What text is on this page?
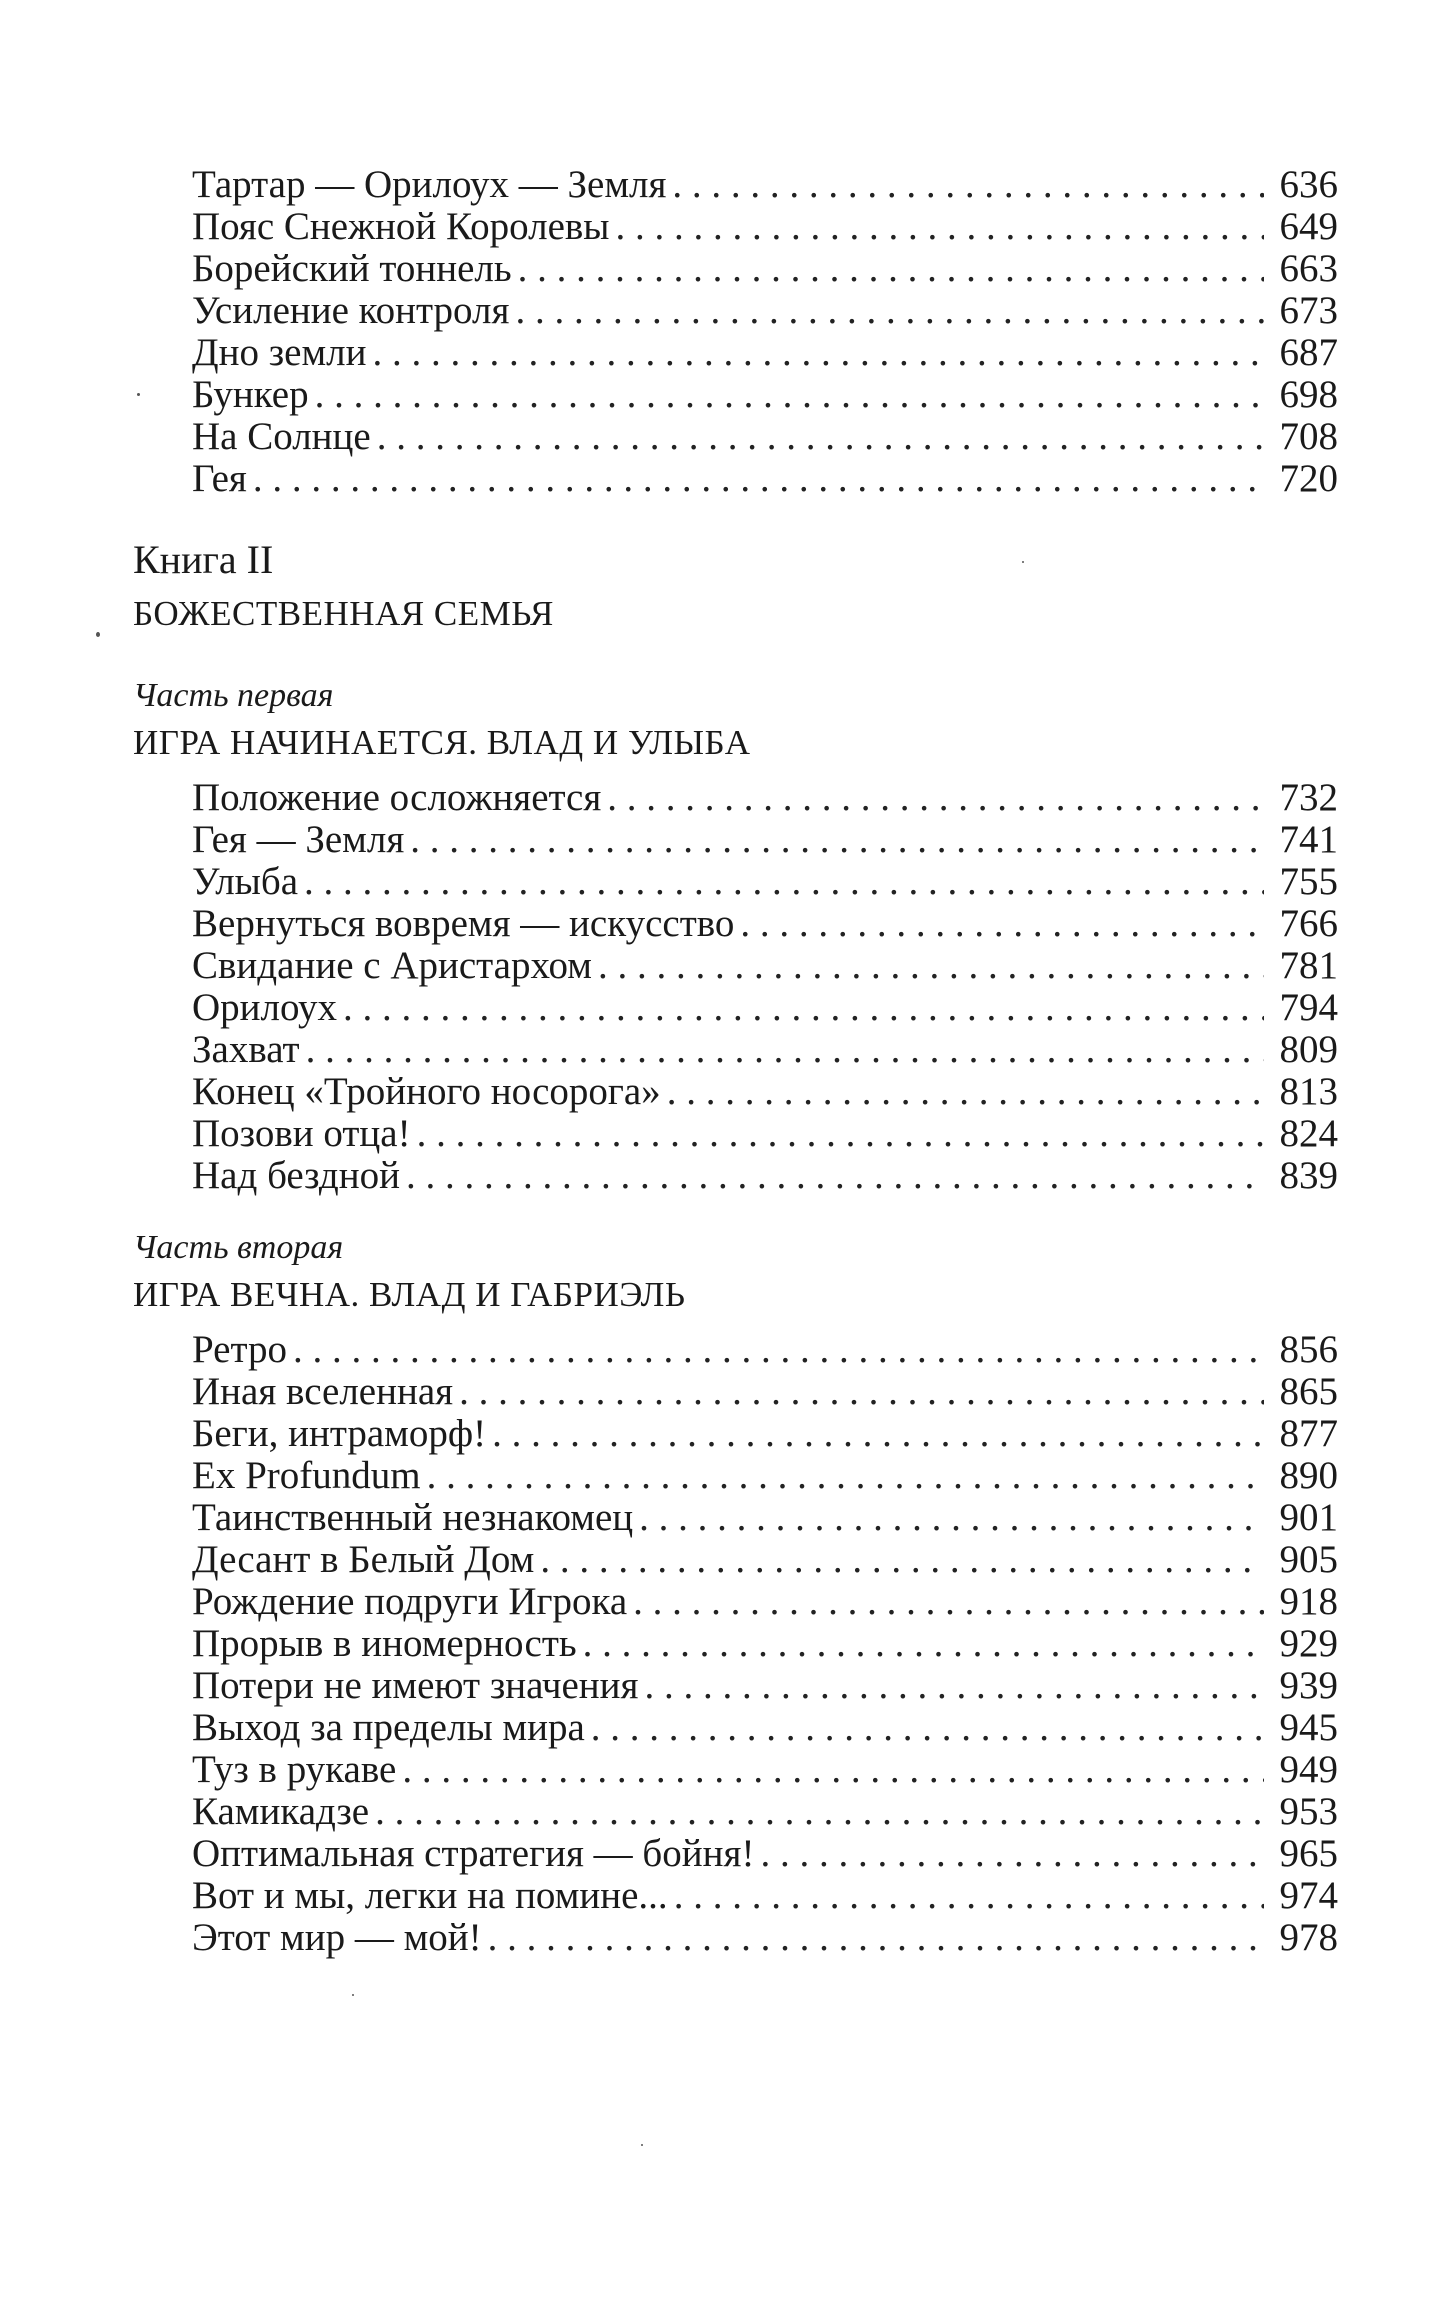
Тартар — Орилоух — Земля . . .	636
Пояс Снежной Королевы . . .	649
Борейский тоннель . . .	663
Усиление контроля . . .	673
Дно земли . . .	687
Бункер . . .	698
На Солнце . . .	708
Гея . . .	720
Книга II
БОЖЕСТВЕННАЯ СЕМЬЯ
Часть первая
ИГРА НАЧИНАЕТСЯ. ВЛАД И УЛЫБА
Положение осложняется . . .	732
Гея — Земля . . .	741
Улыба . . .	755
Вернуться вовремя — искусство . . .	766
Свидание с Аристархом . . .	781
Орилоух . . .	794
Захват . . .	809
Конец «Тройного носорога» . . .	813
Позови отца! . . .	824
Над бездной . . .	839
Часть вторая
ИГРА ВЕЧНА. ВЛАД И ГАБРИЭЛЬ
Ретро . . .	856
Иная вселенная . . .	865
Беги, интраморф! . . .	877
Ex Profundum . . .	890
Таинственный незнакомец . . .	901
Десант в Белый Дом . . .	905
Рождение подруги Игрока . . .	918
Прорыв в иномерность . . .	929
Потери не имеют значения . . .	939
Выход за пределы мира . . .	945
Туз в рукаве . . .	949
Камикадзе . . .	953
Оптимальная стратегия — бойня! . . .	965
Вот и мы, легки на помине... . . .	974
Этот мир — мой! . . .	978
